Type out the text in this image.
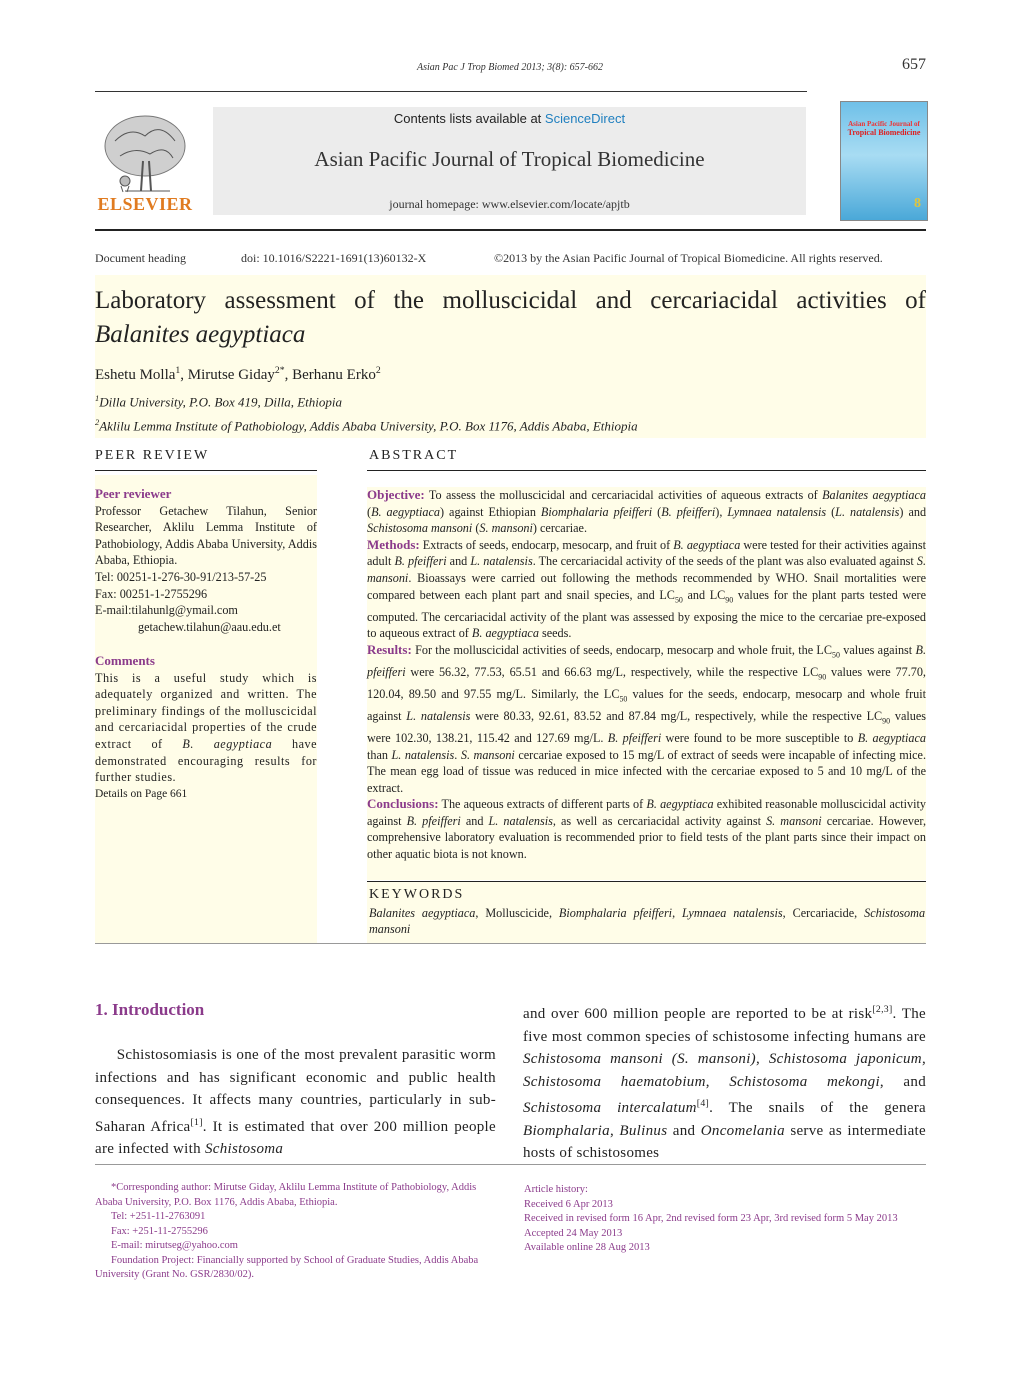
Asian Pac J Trop Biomed 2013; 3(8): 657-662	657
ELSEVIER
Contents lists available at ScienceDirect
Asian Pacific Journal of Tropical Biomedicine
journal homepage: www.elsevier.com/locate/apjtb
Asian Pacific Journal of
Tropical Biomedicine
8
Document heading	doi: 10.1016/S2221-1691(13)60132-X	©2013 by the Asian Pacific Journal of Tropical Biomedicine. All rights reserved.
Laboratory assessment of the molluscicidal and cercariacidal activities of
Balanites aegyptiaca
Eshetu Molla$^1$, Mirutse Giday$^{2*}$, Berhanu Erko$^2$
$^1$Dilla University, P.O. Box 419, Dilla, Ethiopia
$^2$Aklilu Lemma Institute of Pathobiology, Addis Ababa University, P.O. Box 1176, Addis Ababa, Ethiopia
PEER REVIEW
Peer reviewer
Professor Getachew Tilahun, Senior Researcher, Aklilu Lemma Institute of Pathobiology, Addis Ababa University, Addis Ababa, Ethiopia.
Tel: 00251-1-276-30-91/213-57-25
Fax: 00251-1-2755296
E-mail:tilahunlg@ymail.com
getachew.tilahun@aau.edu.et
Comments
This is a useful study which is adequately organized and written. The preliminary findings of the molluscicidal and cercariacidal properties of the crude extract of B. aegyptiaca have demonstrated encouraging results for further studies.
Details on Page 661
ABSTRACT

Objective: To assess the molluscicidal and cercariacidal activities of aqueous extracts of Balanites aegyptiaca (B. aegyptiaca) against Ethiopian Biomphalaria pfeifferi (B. pfeifferi), Lymnaea natalensis (L. natalensis) and Schistosoma mansoni (S. mansoni) cercariae.

Methods: Extracts of seeds, endocarp, mesocarp, and fruit of B. aegyptiaca were tested for their activities against adult B. pfeifferi and L. natalensis. The cercariacidal activity of the seeds of the plant was also evaluated against S. mansoni. Bioassays were carried out following the methods recommended by WHO. Snail mortalities were compared between each plant part and snail species, and $LC_{50}$ and $LC_{90}$ values for the plant parts tested were computed. The cercariacidal activity of the plant was assessed by exposing the mice to the cercariae pre-exposed to aqueous extract of B. aegyptiaca seeds.

Results: For the molluscicidal activities of seeds, endocarp, mesocarp and whole fruit, the $LC_{50}$ values against B. pfeifferi were 56.32, 77.53, 65.51 and 66.63 mg/L, respectively, while the respective $LC_{90}$ values were 77.70, 120.04, 89.50 and 97.55 mg/L. Similarly, the $LC_{50}$ values for the seeds, endocarp, mesocarp and whole fruit against L. natalensis were 80.33, 92.61, 83.52 and 87.84 mg/L, respectively, while the respective $LC_{90}$ values were 102.30, 138.21, 115.42 and 127.69 mg/L. B. pfeifferi were found to be more susceptible to B. aegyptiaca than L. natalensis. S. mansoni cercariae exposed to 15 mg/L of extract of seeds were incapable of infecting mice. The mean egg load of tissue was reduced in mice infected with the cercariae exposed to 5 and 10 mg/L of the extract.

Conclusions: The aqueous extracts of different parts of B. aegyptiaca exhibited reasonable molluscicidal activity against B. pfeifferi and L. natalensis, as well as cercariacidal activity against S. mansoni cercariae. However, comprehensive laboratory evaluation is recommended prior to field tests of the plant parts since their impact on other aquatic biota is not known.

KEYWORDS
Balanites aegyptiaca, Molluscicide, Biomphalaria pfeifferi, Lymnaea natalensis, Cercariacide, Schistosoma mansoni
1. Introduction
Schistosomiasis is one of the most prevalent parasitic worm infections and has significant economic and public health consequences. It affects many countries, particularly in sub-Saharan Africa[1]. It is estimated that over 200 million people are infected with Schistosoma
and over 600 million people are reported to be at risk[2,3]. The five most common species of schistosome infecting humans are Schistosoma mansoni (S. mansoni), Schistosoma japonicum, Schistosoma haematobium, Schistosoma mekongi, and Schistosoma intercalatum[4]. The snails of the genera Biomphalaria, Bulinus and Oncomelania serve as intermediate hosts of schistosomes
*Corresponding author: Mirutse Giday, Aklilu Lemma Institute of Pathobiology, Addis Ababa University, P.O. Box 1176, Addis Ababa, Ethiopia.
Tel: +251-11-2763091
Fax: +251-11-2755296
E-mail: mirutseg@yahoo.com
Foundation Project: Financially supported by School of Graduate Studies, Addis Ababa University (Grant No. GSR/2830/02).
Article history:
Received 6 Apr 2013
Received in revised form 16 Apr, 2nd revised form 23 Apr, 3rd revised form 5 May 2013
Accepted 24 May 2013
Available online 28 Aug 2013
